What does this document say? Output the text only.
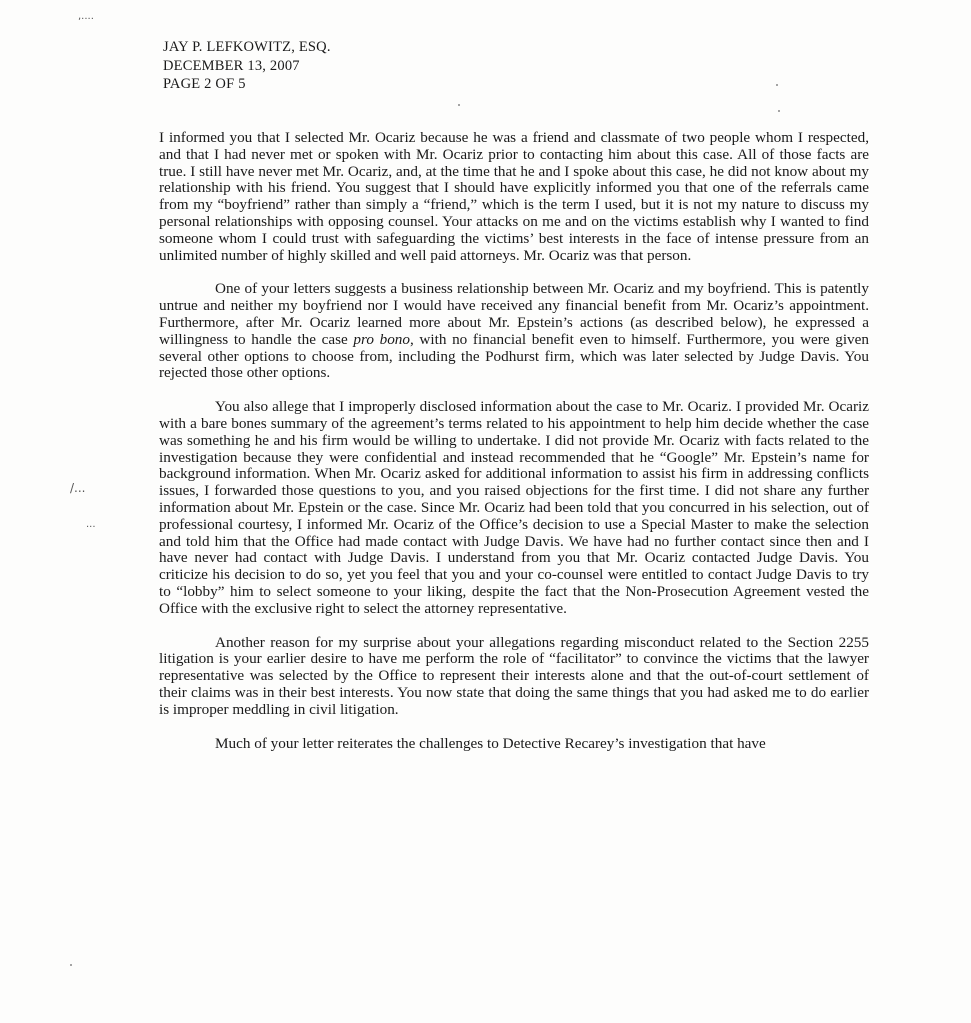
,....
/...
...
JAY P. LEFKOWITZ, ESQ.
DECEMBER 13, 2007
PAGE 2 OF 5

I informed you that I selected Mr. Ocariz because he was a friend and classmate of two people whom I respected, and that I had never met or spoken with Mr. Ocariz prior to contacting him about this case. All of those facts are true. I still have never met Mr. Ocariz, and, at the time that he and I spoke about this case, he did not know about my relationship with his friend. You suggest that I should have explicitly informed you that one of the referrals came from my “boyfriend” rather than simply a “friend,” which is the term I used, but it is not my nature to discuss my personal relationships with opposing counsel. Your attacks on me and on the victims establish why I wanted to find someone whom I could trust with safeguarding the victims’ best interests in the face of intense pressure from an unlimited number of highly skilled and well paid attorneys. Mr. Ocariz was that person.

One of your letters suggests a business relationship between Mr. Ocariz and my boyfriend. This is patently untrue and neither my boyfriend nor I would have received any financial benefit from Mr. Ocariz’s appointment. Furthermore, after Mr. Ocariz learned more about Mr. Epstein’s actions (as described below), he expressed a willingness to handle the case pro bono, with no financial benefit even to himself. Furthermore, you were given several other options to choose from, including the Podhurst firm, which was later selected by Judge Davis. You rejected those other options.

You also allege that I improperly disclosed information about the case to Mr. Ocariz. I provided Mr. Ocariz with a bare bones summary of the agreement’s terms related to his appointment to help him decide whether the case was something he and his firm would be willing to undertake. I did not provide Mr. Ocariz with facts related to the investigation because they were confidential and instead recommended that he “Google” Mr. Epstein’s name for background information. When Mr. Ocariz asked for additional information to assist his firm in addressing conflicts issues, I forwarded those questions to you, and you raised objections for the first time. I did not share any further information about Mr. Epstein or the case. Since Mr. Ocariz had been told that you concurred in his selection, out of professional courtesy, I informed Mr. Ocariz of the Office’s decision to use a Special Master to make the selection and told him that the Office had made contact with Judge Davis. We have had no further contact since then and I have never had contact with Judge Davis. I understand from you that Mr. Ocariz contacted Judge Davis. You criticize his decision to do so, yet you feel that you and your co-counsel were entitled to contact Judge Davis to try to “lobby” him to select someone to your liking, despite the fact that the Non-Prosecution Agreement vested the Office with the exclusive right to select the attorney representative.

Another reason for my surprise about your allegations regarding misconduct related to the Section 2255 litigation is your earlier desire to have me perform the role of “facilitator” to convince the victims that the lawyer representative was selected by the Office to represent their interests alone and that the out-of-court settlement of their claims was in their best interests. You now state that doing the same things that you had asked me to do earlier is improper meddling in civil litigation.

Much of your letter reiterates the challenges to Detective Recarey’s investigation that have
